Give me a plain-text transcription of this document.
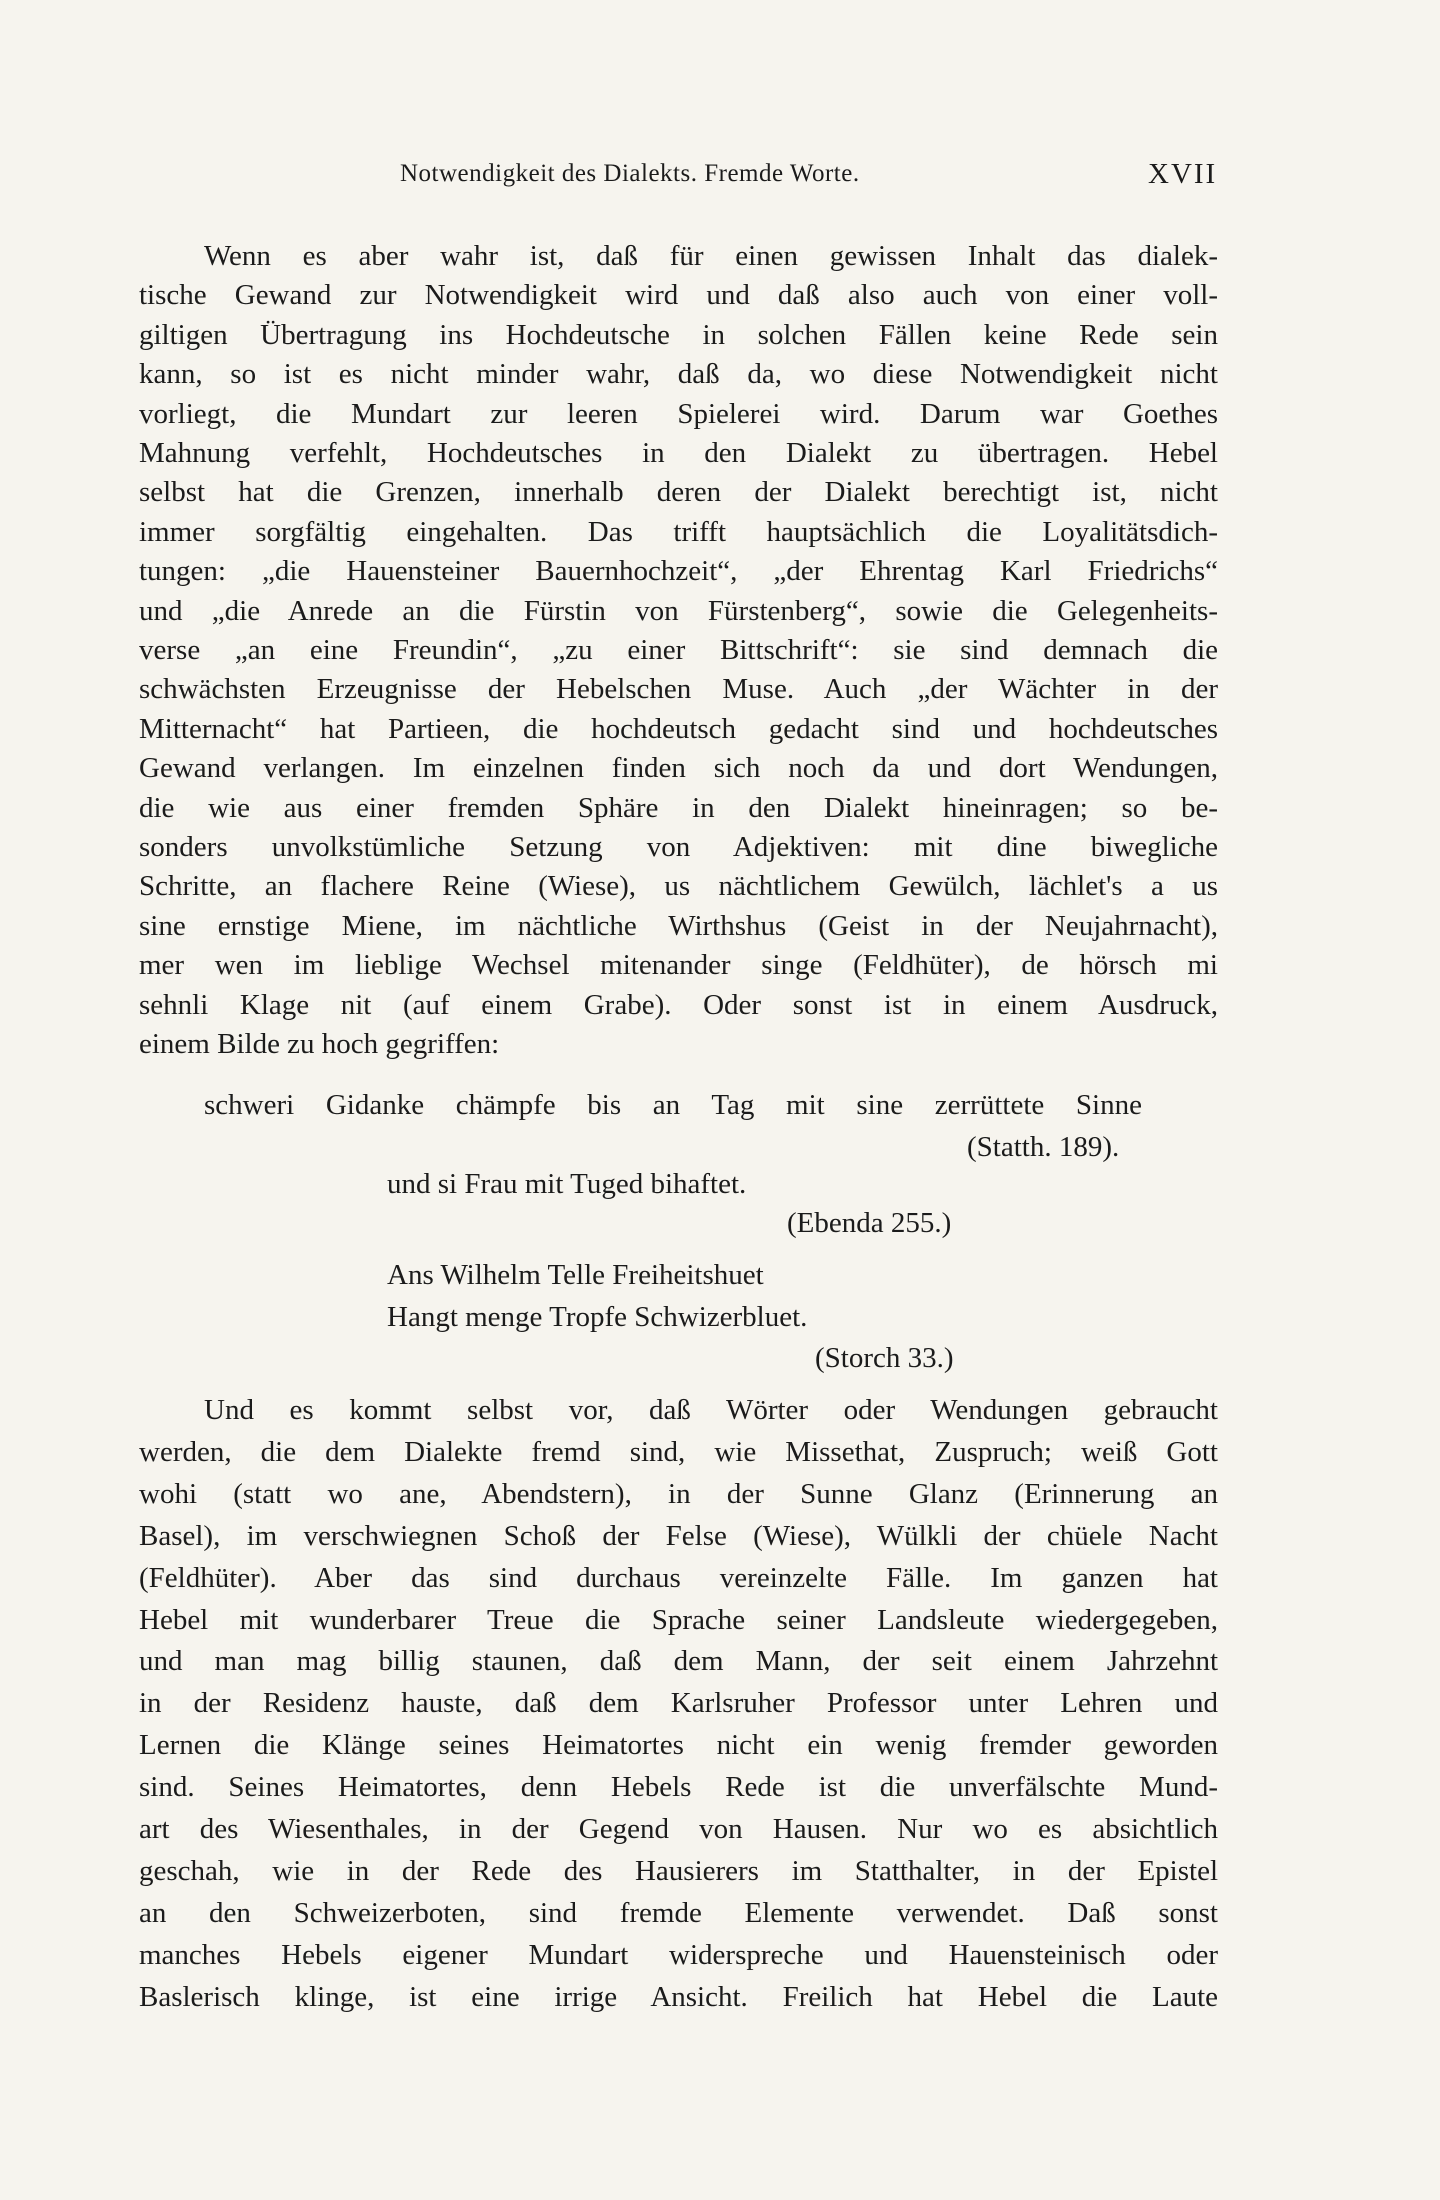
Notwendigkeit des Dialekts. Fremde Worte.	XVII
Wenn es aber wahr ist, daß für einen gewissen Inhalt das dialek-
tische Gewand zur Notwendigkeit wird und daß also auch von einer voll-
giltigen Übertragung ins Hochdeutsche in solchen Fällen keine Rede sein
kann, so ist es nicht minder wahr, daß da, wo diese Notwendigkeit nicht
vorliegt, die Mundart zur leeren Spielerei wird. Darum war Goethes
Mahnung verfehlt, Hochdeutsches in den Dialekt zu übertragen. Hebel
selbst hat die Grenzen, innerhalb deren der Dialekt berechtigt ist, nicht
immer sorgfältig eingehalten. Das trifft hauptsächlich die Loyalitätsdich-
tungen: „die Hauensteiner Bauernhochzeit“, „der Ehrentag Karl Friedrichs“
und „die Anrede an die Fürstin von Fürstenberg“, sowie die Gelegenheits-
verse „an eine Freundin“, „zu einer Bittschrift“: sie sind demnach die
schwächsten Erzeugnisse der Hebelschen Muse. Auch „der Wächter in der
Mitternacht“ hat Partieen, die hochdeutsch gedacht sind und hochdeutsches
Gewand verlangen. Im einzelnen finden sich noch da und dort Wendungen,
die wie aus einer fremden Sphäre in den Dialekt hineinragen; so be-
sonders unvolkstümliche Setzung von Adjektiven: mit dine biwegliche
Schritte, an flachere Reine (Wiese), us nächtlichem Gewülch, lächlet's a us
sine ernstige Miene, im nächtliche Wirthshus (Geist in der Neujahrnacht),
mer wen im lieblige Wechsel mitenander singe (Feldhüter), de hörsch mi
sehnli Klage nit (auf einem Grabe). Oder sonst ist in einem Ausdruck,
einem Bilde zu hoch gegriffen:
schweri Gidanke chämpfe bis an Tag mit sine zerrüttete Sinne
(Statth. 189).
und si Frau mit Tuged bihaftet.
(Ebenda 255.)
Ans Wilhelm Telle Freiheitshuet
Hangt menge Tropfe Schwizerbluet.
(Storch 33.)
Und es kommt selbst vor, daß Wörter oder Wendungen gebraucht
werden, die dem Dialekte fremd sind, wie Missethat, Zuspruch; weiß Gott
wohi (statt wo ane, Abendstern), in der Sunne Glanz (Erinnerung an
Basel), im verschwiegnen Schoß der Felse (Wiese), Wülkli der chüele Nacht
(Feldhüter). Aber das sind durchaus vereinzelte Fälle. Im ganzen hat
Hebel mit wunderbarer Treue die Sprache seiner Landsleute wiedergegeben,
und man mag billig staunen, daß dem Mann, der seit einem Jahrzehnt
in der Residenz hauste, daß dem Karlsruher Professor unter Lehren und
Lernen die Klänge seines Heimatortes nicht ein wenig fremder geworden
sind. Seines Heimatortes, denn Hebels Rede ist die unverfälschte Mund-
art des Wiesenthales, in der Gegend von Hausen. Nur wo es absichtlich
geschah, wie in der Rede des Hausierers im Statthalter, in der Epistel
an den Schweizerboten, sind fremde Elemente verwendet. Daß sonst
manches Hebels eigener Mundart widerspreche und Hauensteinisch oder
Baslerisch klinge, ist eine irrige Ansicht. Freilich hat Hebel die Laute
